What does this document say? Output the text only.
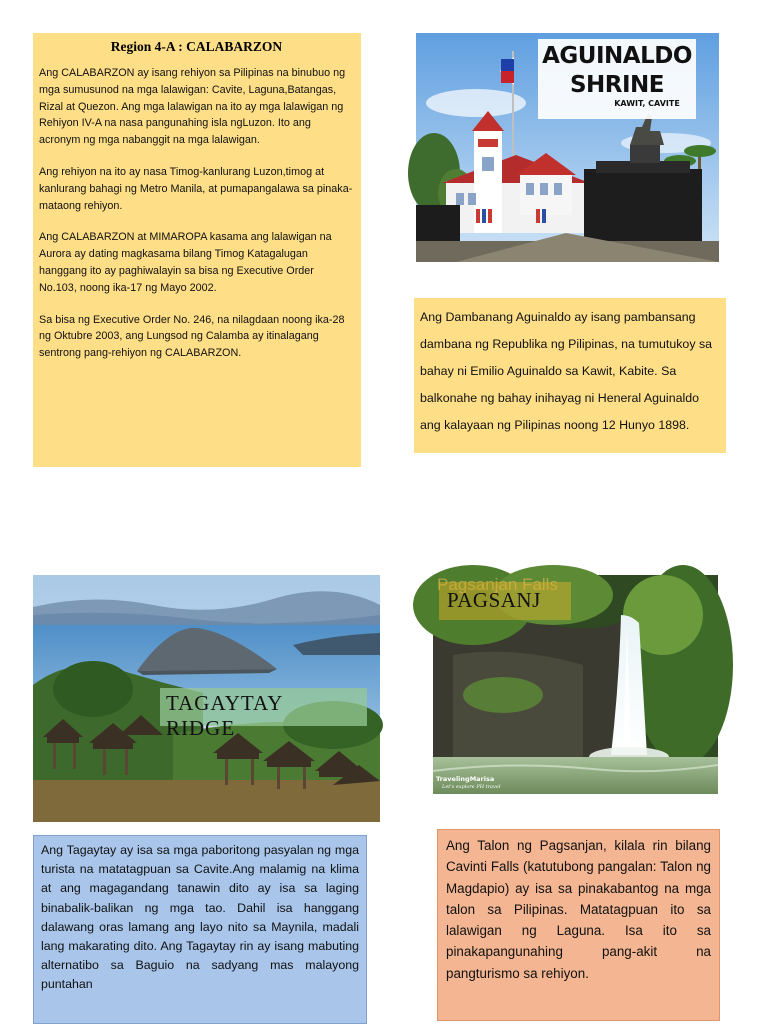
Region 4-A : CALABARZON

Ang CALABARZON ay isang rehiyon sa Pilipinas na binubuo ng mga sumusunod na mga lalawigan: Cavite, Laguna,Batangas, Rizal at Quezon. Ang mga lalawigan na ito ay mga lalawigan ng Rehiyon IV-A na nasa pangunahing isla ngLuzon. Ito ang acronym ng mga nabanggit na mga lalawigan.

Ang rehiyon na ito ay nasa Timog-kanlurang Luzon,timog at kanlurang bahagi ng Metro Manila, at pumapangalawa sa pinaka-mataong rehiyon.

Ang CALABARZON at MIMAROPA kasama ang lalawigan na Aurora ay dating magkasama bilang Timog Katagalugan hanggang ito ay paghiwalayin sa bisa ng Executive Order No.103, noong ika-17 ng Mayo 2002.

Sa bisa ng Executive Order No. 246, na nilagdaan noong ika-28 ng Oktubre 2003, ang Lungsod ng Calamba ay itinalagang sentrong pang-rehiyon ng CALABARZON.

AGUINALDO
SHRINE
KAWIT, CAVITE

Ang Dambanang Aguinaldo ay isang pambansang dambana ng Republika ng Pilipinas, na tumutukoy sa bahay ni Emilio Aguinaldo sa Kawit, Kabite. Sa balkonahe ng bahay inihayag ni Heneral Aguinaldo ang kalayaan ng Pilipinas noong 12 Hunyo 1898.

TAGAYTAY
RIDGE

Ang Tagaytay ay isa sa mga paboritong pasyalan ng mga turista na matatagpuan sa Cavite.Ang malamig na klima at ang magagandang tanawin dito ay isa sa laging binabalik-balikan ng mga tao. Dahil isa hanggang dalawang oras lamang ang layo nito sa Maynila, madali lang makarating dito. Ang Tagaytay rin ay isang mabuting alternatibo sa Baguio na sadyang mas malayong puntahan

Pagsanjan Falls
PAGSANJ
TravelingMarisa
Let's explore PH travel

Ang Talon ng Pagsanjan, kilala rin bilang Cavinti Falls (katutubong pangalan: Talon ng Magdapio) ay isa sa pinakabantog na mga talon sa Pilipinas. Matatagpuan ito sa lalawigan ng Laguna. Isa ito sa pinakapangunahing pang-akit na pangturismo sa rehiyon.
